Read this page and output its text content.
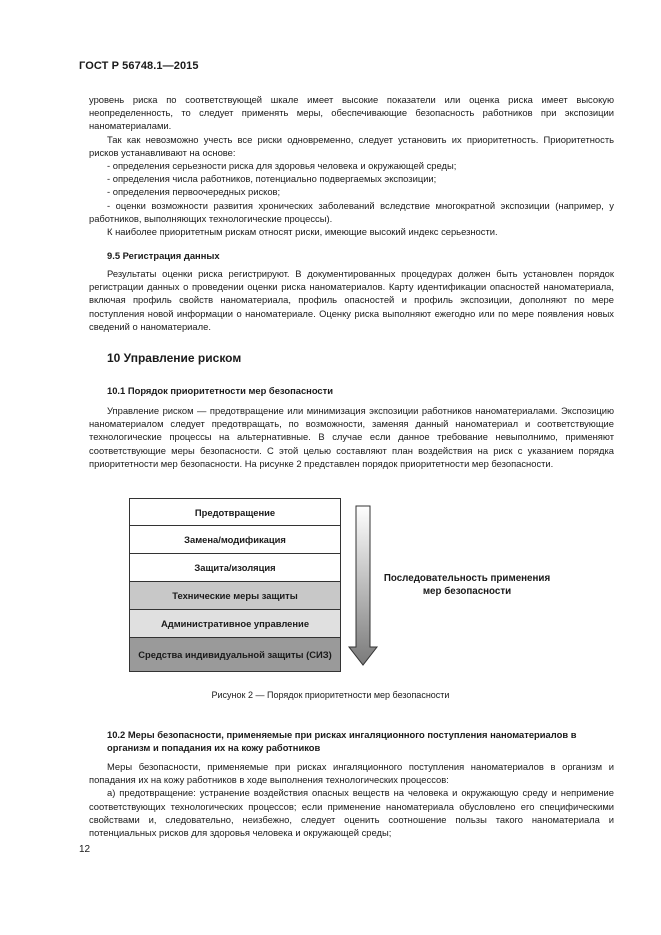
ГОСТ Р 56748.1—2015

уровень риска по соответствующей шкале имеет высокие показатели или оценка риска имеет высокую неопределенность, то следует применять меры, обеспечивающие безопасность работников при экспозиции наноматериалами.

Так как невозможно учесть все риски одновременно, следует установить их приоритетность. Приоритетность рисков устанавливают на основе:

- определения серьезности риска для здоровья человека и окружающей среды;

- определения числа работников, потенциально подвергаемых экспозиции;

- определения первоочередных рисков;

- оценки возможности развития хронических заболеваний вследствие многократной экспозиции (например, у работников, выполняющих технологические процессы).

К наиболее приоритетным рискам относят риски, имеющие высокий индекс серьезности.

9.5 Регистрация данных

Результаты оценки риска регистрируют. В документированных процедурах должен быть установлен порядок регистрации данных о проведении оценки риска наноматериалов. Карту идентификации опасностей наноматериала, включая профиль свойств наноматериала, профиль опасностей и профиль экспозиции, дополняют по мере поступления новой информации о наноматериале. Оценку риска выполняют ежегодно или по мере появления новых сведений о наноматериале.

10 Управление риском
10.1 Порядок приоритетности мер безопасности

Управление риском — предотвращение или минимизация экспозиции работников наноматериалами. Экспозицию наноматериалом следует предотвращать, по возможности, заменяя данный наноматериал и соответствующие технологические процессы на альтернативные. В случае если данное требование невыполнимо, применяют соответствующие меры безопасности. С этой целью составляют план воздействия на риск с указанием порядка приоритетности мер безопасности. На рисунке 2 представлен порядок приоритетности мер безопасности.

Предотвращение
Замена/модификация
Защита/изоляция
Технические меры защиты
Административное управление
Средства индивидуальной защиты (СИЗ)
Последовательность применения мер безопасности
Рисунок 2 — Порядок приоритетности мер безопасности
10.2 Меры безопасности, применяемые при рисках ингаляционного поступления наноматериалов в организм и попадания их на кожу работников

Меры безопасности, применяемые при рисках ингаляционного поступления наноматериалов в организм и попадания их на кожу работников в ходе выполнения технологических процессов:

а) предотвращение: устранение воздействия опасных веществ на человека и окружающую среду и непримение соответствующих технологических процессов; если применение наноматериала обусловлено его специфическими свойствами и, следовательно, неизбежно, следует оценить соотношение пользы такого наноматериала и потенциальных рисков для здоровья человека и окружающей среды;

12
